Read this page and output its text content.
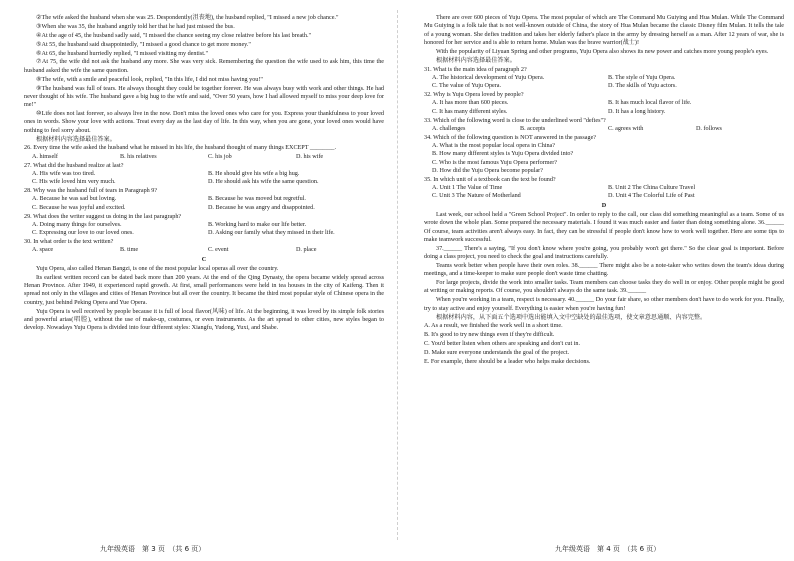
②The wife asked the husband when she was 25. Despondently(沮丧地), the husband replied, "I missed a new job chance."

③When she was 35, the husband angrily told her that he had just missed the bus.

④At the age of 45, the husband sadly said, "I missed the chance seeing my close relative before his last breath."

⑤At 55, the husband said disappointedly, "I missed a good chance to get more money."

⑥At 65, the husband hurriedly replied, "I missed visiting my dentist."

⑦At 75, the wife did not ask the husband any more. She was very sick. Remembering the question the wife used to ask him, this time the husband asked the wife the same question.

⑧The wife, with a smile and peaceful look, replied, "In this life, I did not miss having you!"

⑨The husband was full of tears. He always thought they could be together forever. He was always busy with work and other things. He had never thought of his wife. The husband gave a big hug to the wife and said, "Over 50 years, how I had allowed myself to miss your deep love for me!"

⑩Life does not last forever, so always live in the now. Don't miss the loved ones who care for you. Express your thankfulness to your loved ones in words. Show your love with actions. Treat every day as the last day of life. In this way, when you are gone, your loved ones would have nothing to feel sorry about.

根据材料内容选择最佳答案。

26. Every time the wife asked the husband what he missed in his life, the husband thought of many things EXCEPT ________.
A. himself	B. his relatives	C. his job	D. his wife
27. What did the husband realize at last?
A. His wife was too tired.	B. He should give his wife a big hug.
C. His wife loved him very much.	D. He should ask his wife the same question.
28. Why was the husband full of tears in Paragraph 9?
A. Because he was sad but loving.	B. Because he was moved but regretful.
C. Because he was joyful and excited.	D. Because he was angry and disappointed.
29. What does the writer suggest us doing in the last paragraph?
A. Doing many things for ourselves.	B. Working hard to make our life better.
C. Expressing our love to our loved ones.	D. Asking our family what they missed in their life.
30. In what order is the text written?
A. space	B. time	C. event	D. place
C

Yuju Opera, also called Henan Bangzi, is one of the most popular local operas all over the country.

Its earliest written record can be dated back more than 200 years. At the end of the Qing Dynasty, the opera became widely spread across Henan Province. After 1949, it experienced rapid growth. At first, small performances were held in tea houses in the city of Kaifeng. Then it spread not only in the villages and cities of Henan Province but all over the country. It became the third most popular style of Chinese opera in the country, just behind Peking Opera and Yue Opera.

Yuju Opera is well received by people because it is full of local flavor(风味) of life. At the beginning, it was loved by its simple folk stories and powerful arias(唱腔), without the use of make-up, costumes, or even instruments. As the art spread to other cities, new styles began to develop. Nowadays Yuju Opera is divided into four different styles: Xiangfu, Yudong, Yuxi, and Shabe.

There are over 600 pieces of Yuju Opera. The most popular of which are The Command Mu Guiying and Hua Mulan. While The Command Mu Guiying is a folk tale that is not well-known outside of China, the story of Hua Mulan became the classic Disney film Mulan. It tells the tale of a young woman. She defies tradition and takes her elderly father's place in the army by dressing herself as a man. After 12 years of war, she is honored for her service and is able to return home. Mulan was the brave warrior(战士)!

With the popularity of Liyuan Spring and other programs, Yuju Opera also shows its new power and catches more young people's eyes.

根据材料内容选择最佳答案。

31. What is the main idea of paragraph 2?
A. The historical development of Yuju Opera.	B. The style of Yuju Opera.
C. The value of Yuju Opera.	D. The skills of Yuju actors.
32. Why is Yuju Opera loved by people?
A. It has more than 600 pieces.	B. It has much local flavor of life.
C. It has many different styles.	D. It has a long history.
33. Which of the following word is close to the underlined word "defies"?
A. challenges	B. accepts	C. agrees with	D. follows
34. Which of the following question is NOT answered in the passage?
A. What is the most popular local opera in China?
B. How many different styles is Yuju Opera divided into?
C. Who is the most famous Yuju Opera performer?
D. How did the Yuju Opera become popular?
35. In which unit of a textbook can the text be found?
A. Unit 1 The Value of Time	B. Unit 2 The China Culture Travel
C. Unit 3 The Nature of Motherland	D. Unit 4 The Colorful Life of Past
D

Last week, our school held a "Green School Project". In order to reply to the call, our class did something meaningful as a team. Some of us wrote down the whole plan. Some prepared the necessary materials. I found it was much easier and faster than doing something alone. 36.______ Of course, team activities aren't always easy. In fact, they can be stressful if people don't know how to work well together. Here are some tips to make teamwork successful.

37.______ There's a saying, "If you don't know where you're going, you probably won't get there." So the clear goal is important. Before doing a class project, you need to check the goal and instructions carefully.

Teams work better when people have their own roles. 38.______ There might also be a note-taker who writes down the team's ideas during meetings, and a time-keeper to make sure people don't waste time chatting.

For large projects, divide the work into smaller tasks. Team members can choose tasks they do well in or enjoy. Other people might be good at writing or making reports. Of course, you shouldn't always do the same task. 39.______

When you're working in a team, respect is necessary. 40.______ Do your fair share, so other members don't have to do work for you. Finally, try to stay active and enjoy yourself. Everything is easier when you're having fun!

根据材料内容，从下面五个选项中选出能填入文中空缺处的最佳选项，使文章意思通顺、内容完整。

A. As a result, we finished the work well in a short time.
B. It's good to try new things even if they're difficult.
C. You'd better listen when others are speaking and don't cut in.
D. Make sure everyone understands the goal of the project.
E. For example, there should be a leader who helps make decisions.
九年级英语　第 3 页　（共 6 页）	九年级英语　第 4 页　（共 6 页）
